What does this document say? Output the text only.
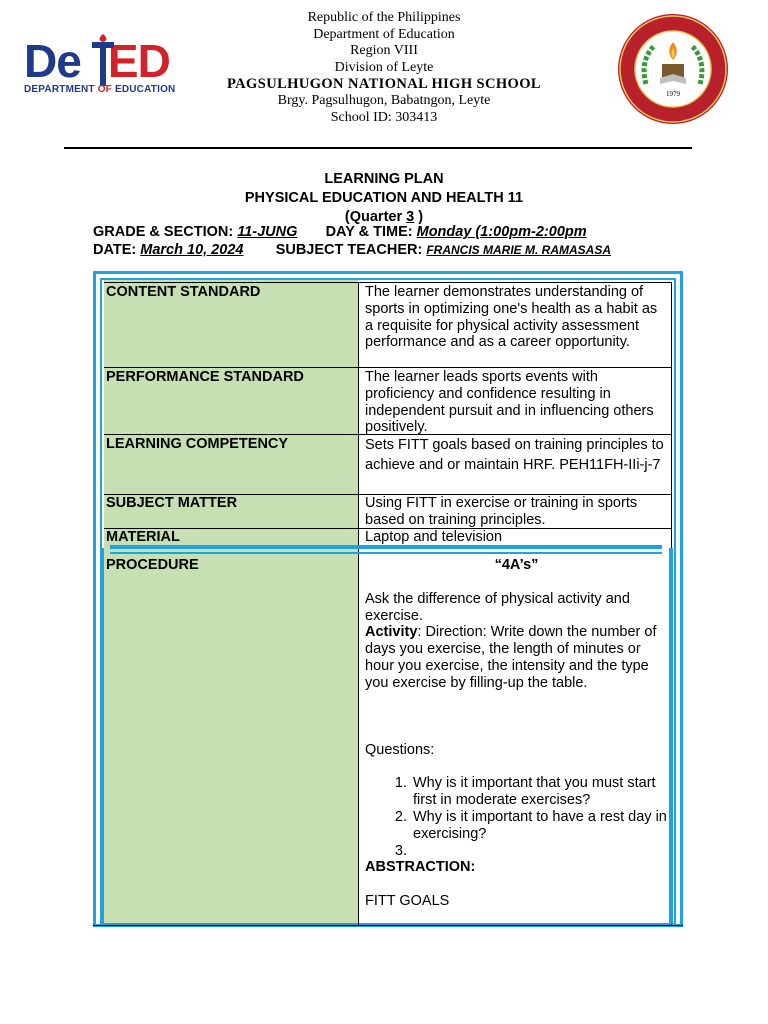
De ED
DEPARTMENT OF EDUCATION
Republic of the Philippines
Department of Education
Region VIII
Division of Leyte
PAGSULHUGON NATIONAL HIGH SCHOOL
Brgy. Pagsulhugon, Babatngon, Leyte
School ID: 303413
1979
LEARNING PLAN
PHYSICAL EDUCATION AND HEALTH 11
(Quarter 3 )
GRADE & SECTION: 11-JUNG DAY & TIME: Monday (1:00pm-2:00pm
DATE: March 10, 2024 SUBJECT TEACHER: FRANCIS MARIE M. RAMASASA
CONTENT STANDARD	The learner demonstrates understanding of sports in optimizing one's health as a habit as a requisite for physical activity assessment performance and as a career opportunity.
PERFORMANCE STANDARD	The learner leads sports events with proficiency and confidence resulting in independent pursuit and in influencing others positively.
LEARNING COMPETENCY	Sets FITT goals based on training principles to achieve and or maintain HRF. PEH11FH-IIi-j-7
SUBJECT MATTER	Using FITT in exercise or training in sports based on training principles.
MATERIAL	Laptop and television
PROCEDURE	“4A’s”

Ask the difference of physical activity and exercise.

Activity: Direction: Write down the number of days you exercise, the length of minutes or hour you exercise, the intensity and the type you exercise by filling-up the table.

Questions:

1. Why is it important that you must start first in moderate exercises?
2. Why is it important to have a rest day in exercising?
3.

ABSTRACTION:

FITT GOALS
